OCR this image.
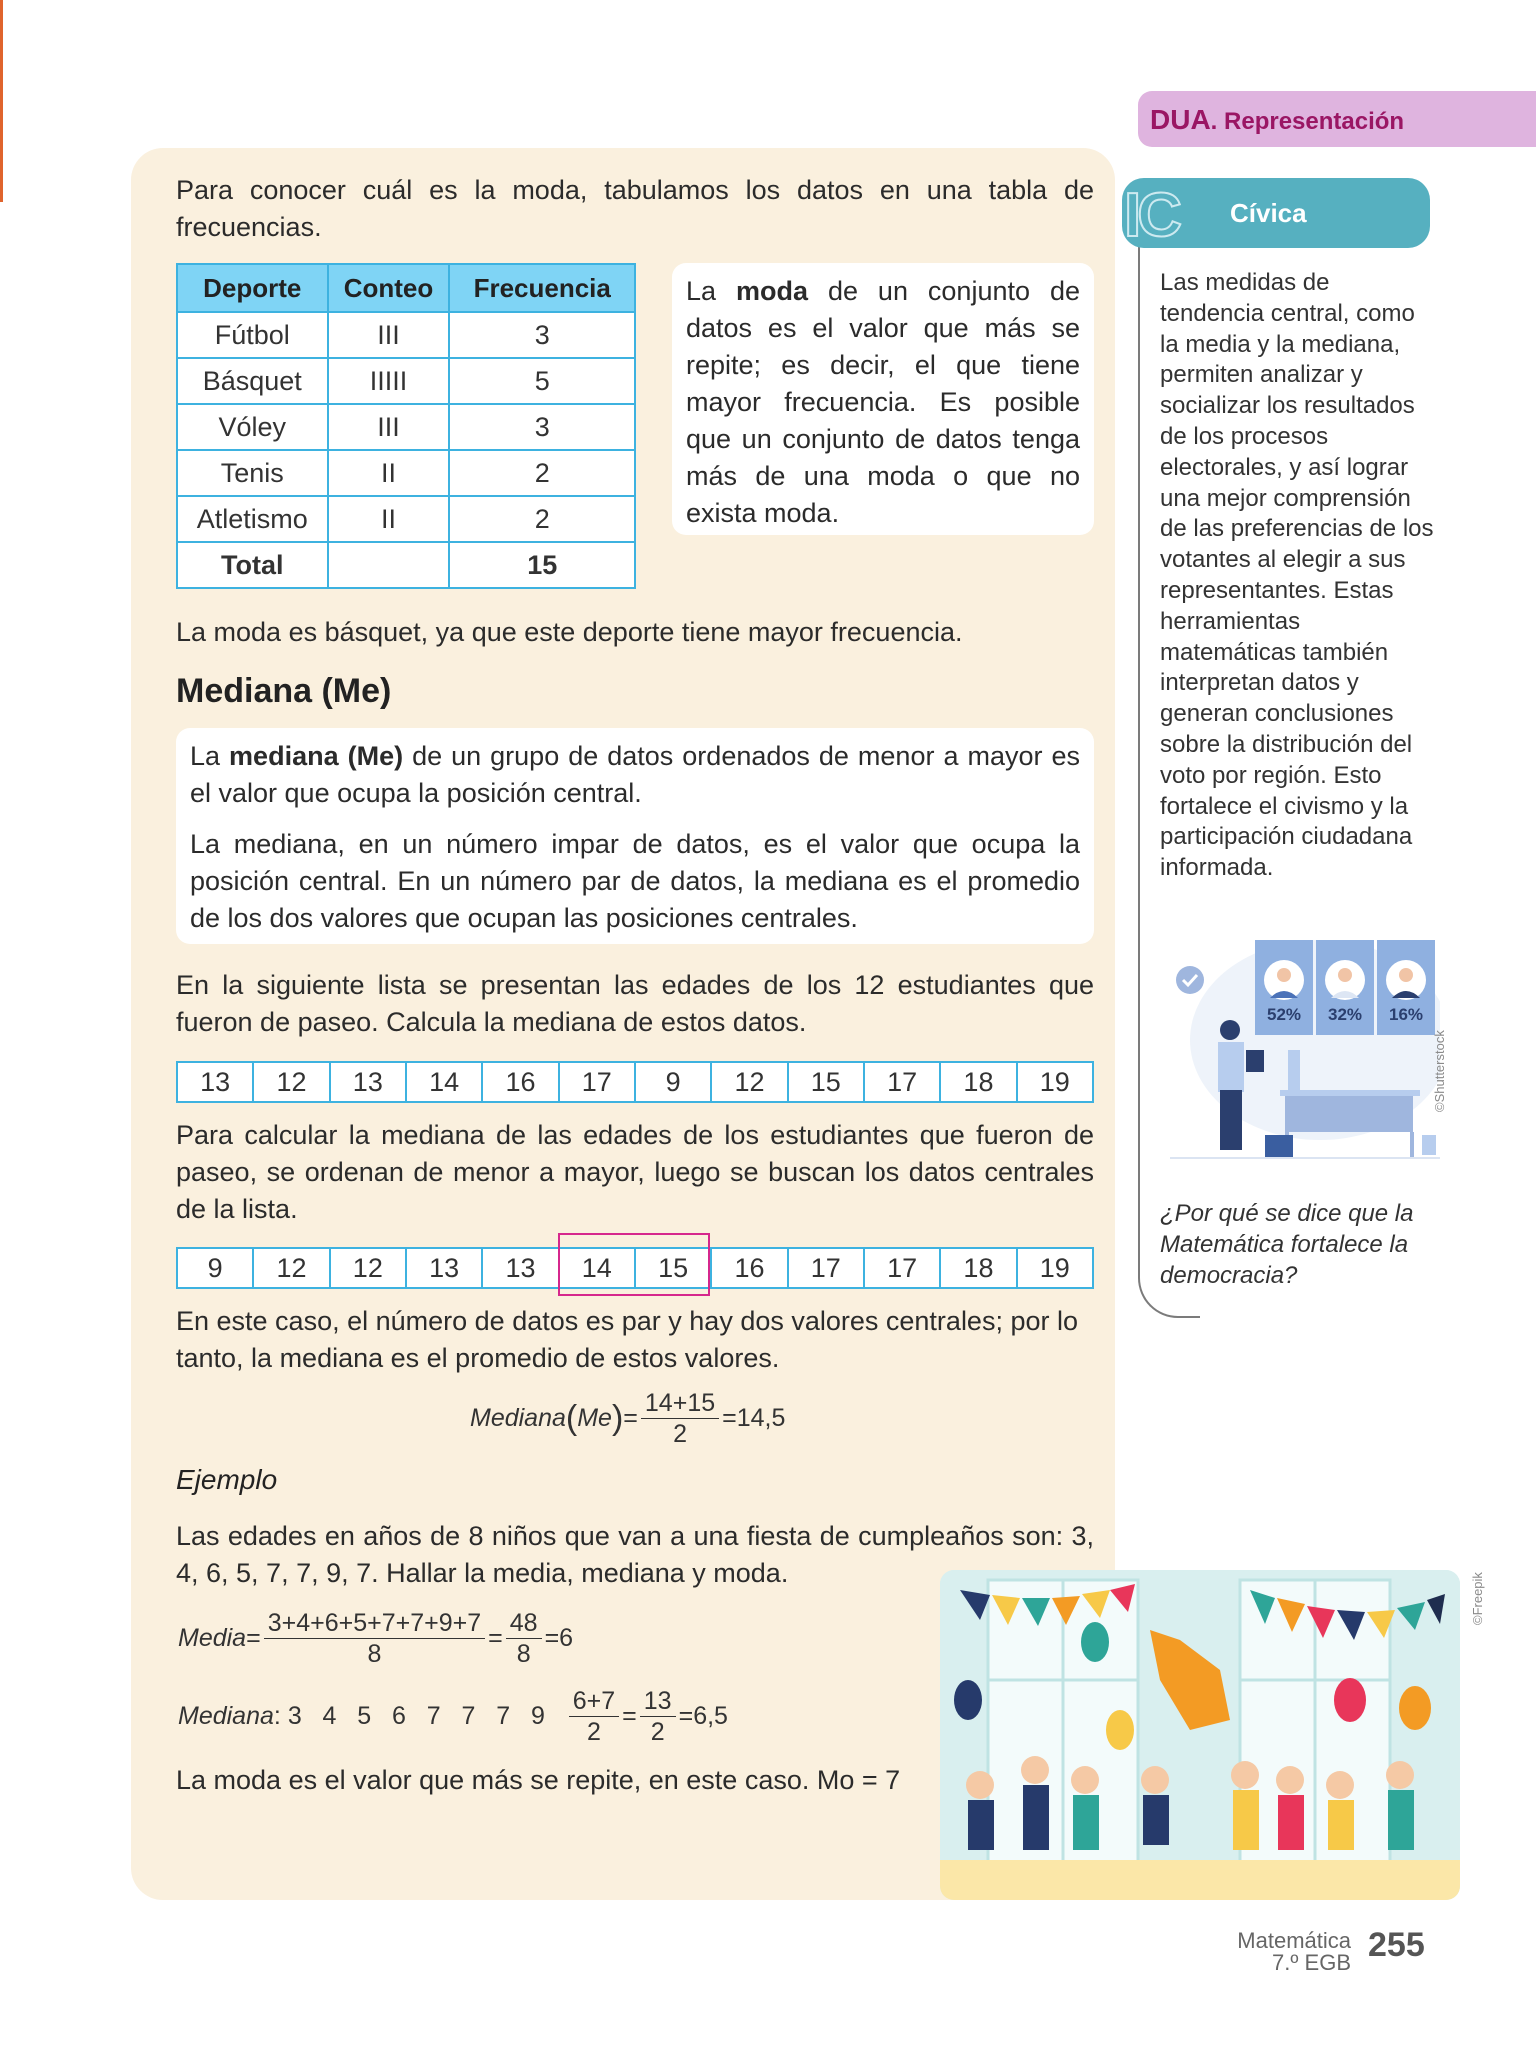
Para conocer cuál es la moda, tabulamos los datos en una tabla de frecuencias.

Deporte	Conteo	Frecuencia
Fútbol	III	3
Básquet	IIIII	5
Vóley	III	3
Tenis	II	2
Atletismo	II	2
Total		15
La moda de un conjunto de datos es el valor que más se repite; es decir, el que tiene mayor frecuencia. Es posible que un conjunto de datos tenga más de una moda o que no exista moda.

La moda es básquet, ya que este deporte tiene mayor frecuencia.

Mediana (Me)

La mediana (Me) de un grupo de datos ordenados de menor a mayor es el valor que ocupa la posición central.

La mediana, en un número impar de datos, es el valor que ocupa la posición central. En un número par de datos, la mediana es el promedio de los dos valores que ocupan las posiciones centrales.

En la siguiente lista se presentan las edades de los 12 estudiantes que fueron de paseo. Calcula la mediana de estos datos.

13	12	13	14	16	17	9	12	15	17	18	19

Para calcular la mediana de las edades de los estudiantes que fueron de paseo, se ordenan de menor a mayor, luego se buscan los datos centrales de la lista.

9	12	12	13	13	14	15	16	17	17	18	19

En este caso, el número de datos es par y hay dos valores centrales; por lo tanto, la mediana es el promedio de estos valores.

Mediana ( Me ) = $\frac{14+15}{2} =14,5$
Ejemplo

Las edades en años de 8 niños que van a una fiesta de cumpleaños son: 3, 4, 6, 5, 7, 7, 9, 7. Hallar la media, mediana y moda.

Media = $\frac{3+4+6+5+7+7+9+7}{8} = \frac{48}{8} =6$
Mediana : 3   4   5   6   7   7   7   9
$\frac{6+7}{2} = \frac{13}{2} =6,5$

La moda es el valor que más se repite, en este caso. Mo = 7

©Freepik
DUA. Representación
IC Cívica

Las medidas de tendencia central, como la media y la mediana, permiten analizar y socializar los resultados de los procesos electorales, y así lograr una mejor comprensión de las preferencias de los votantes al elegir a sus representantes. Estas herramientas matemáticas también interpretan datos y generan conclusiones sobre la distribución del voto por región. Esto fortalece el civismo y la participación ciudadana informada.

52%	32%	16%
©Shutterstock

¿Por qué se dice que la Matemática fortalece la democracia?

Matemática
7.º EGB 255
